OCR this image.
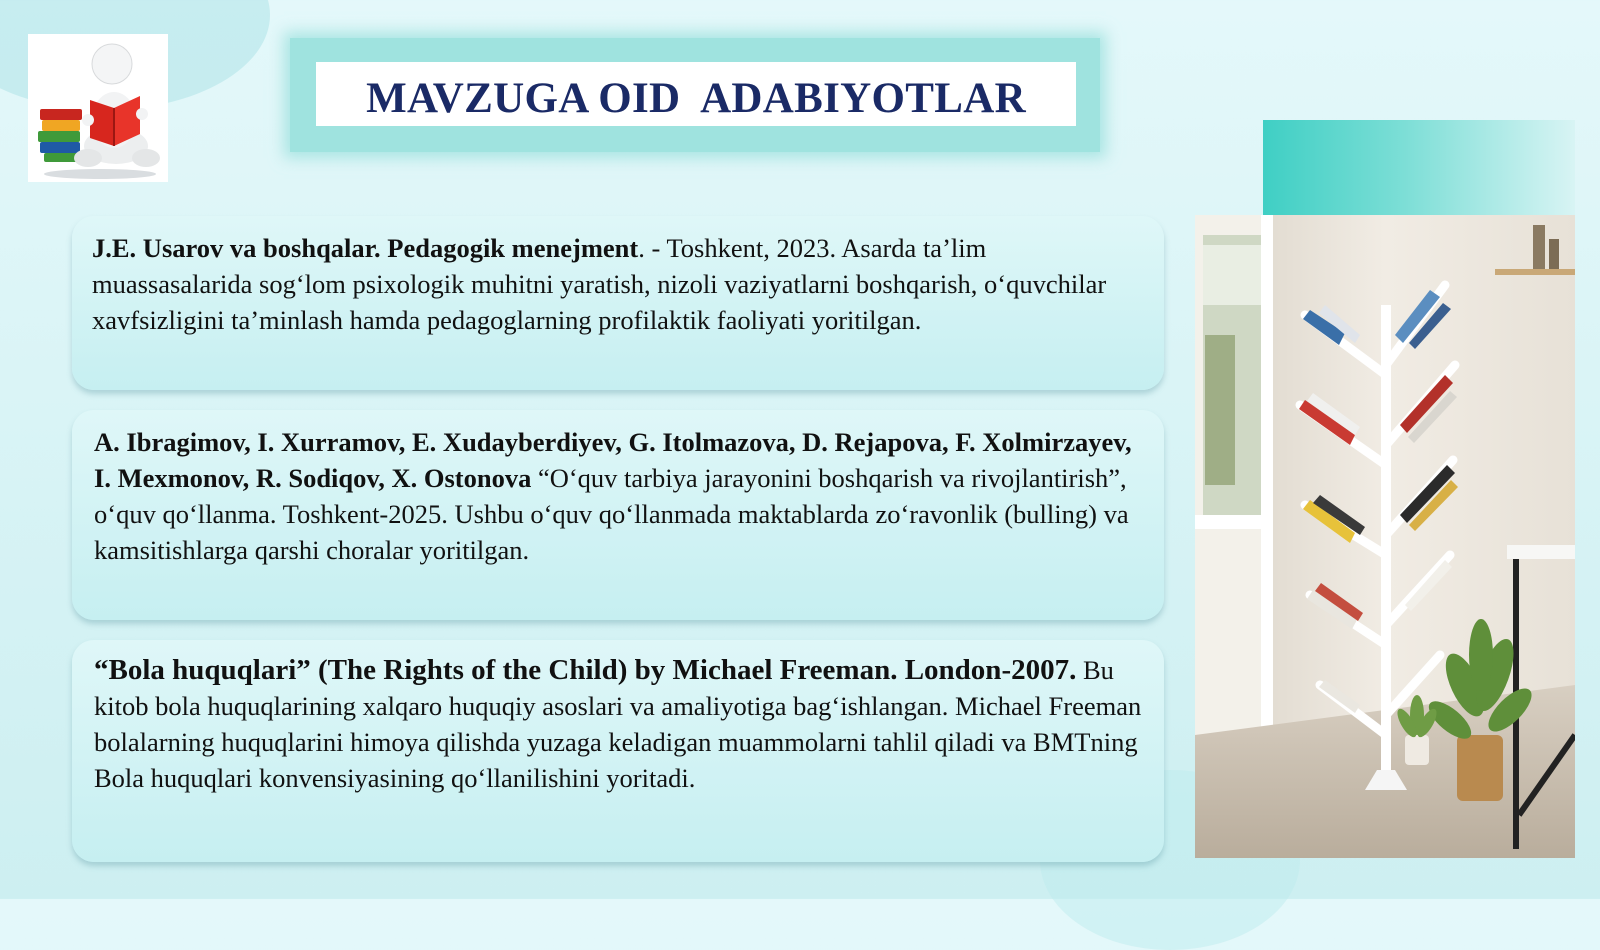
MAVZUGA OID  ADABIYOTLAR
J.E. Usarov va boshqalar. Pedagogik menejment. - Toshkent, 2023. Asarda ta’lim muassasalarida sog‘lom psixologik muhitni yaratish, nizoli vaziyatlarni boshqarish, o‘quvchilar xavfsizligini ta’minlash hamda pedagoglarning profilaktik faoliyati yoritilgan.
A. Ibragimov, I. Xurramov, E. Xudayberdiyev, G. Itolmazova, D. Rejapova, F. Xolmirzayev, I. Mexmonov, R. Sodiqov, X. Ostonova “O‘quv tarbiya jarayonini boshqarish va rivojlantirish”, o‘quv qo‘llanma. Toshkent-2025. Ushbu o‘quv qo‘llanmada maktablarda zo‘ravonlik (bulling) va kamsitishlarga qarshi choralar yoritilgan.
“Bola huquqlari” (The Rights of the Child) by Michael Freeman. London-2007. Bu kitob bola huquqlarining xalqaro huquqiy asoslari va amaliyotiga bag‘ishlangan. Michael Freeman bolalarning huquqlarini himoya qilishda yuzaga keladigan muammolarni tahlil qiladi va BMTning Bola huquqlari konvensiyasining qo‘llanilishini yoritadi.
